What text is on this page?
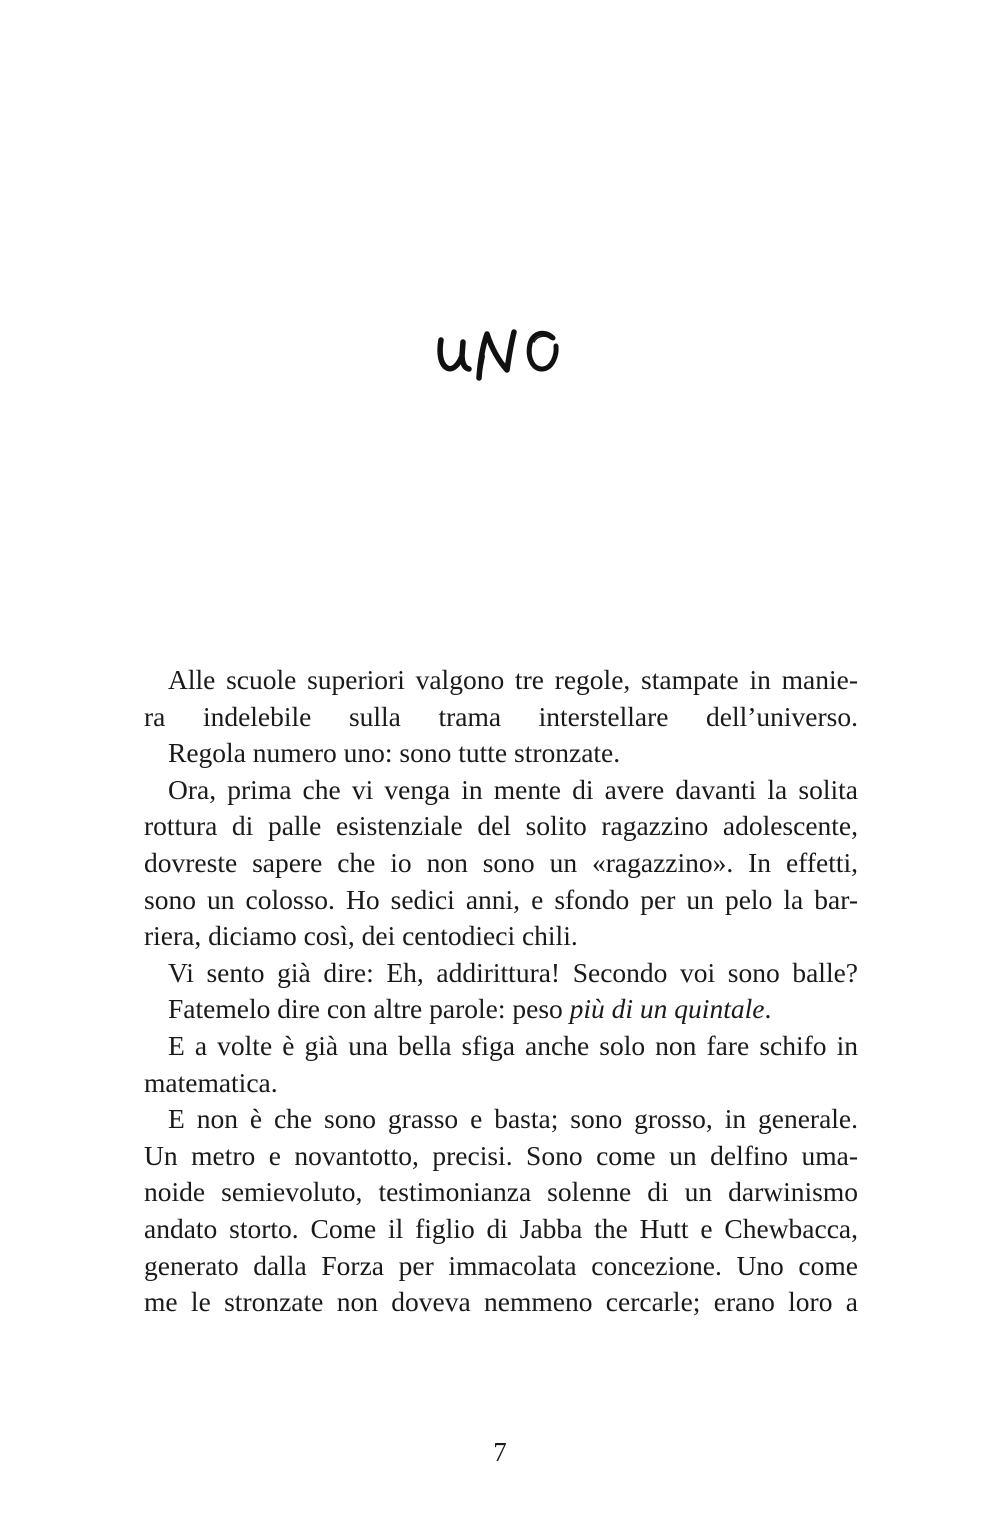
Alle scuole superiori valgono tre regole, stampate in manie-
ra indelebile sulla trama interstellare dell’universo.
Regola numero uno: sono tutte stronzate.
Ora, prima che vi venga in mente di avere davanti la solita
rottura di palle esistenziale del solito ragazzino adolescente,
dovreste sapere che io non sono un «ragazzino». In effetti,
sono un colosso. Ho sedici anni, e sfondo per un pelo la bar-
riera, diciamo così, dei centodieci chili.
Vi sento già dire: Eh, addirittura! Secondo voi sono balle?
Fatemelo dire con altre parole: peso più di un quintale.
E a volte è già una bella sfiga anche solo non fare schifo in
matematica.
E non è che sono grasso e basta; sono grosso, in generale.
Un metro e novantotto, precisi. Sono come un delfino uma-
noide semievoluto, testimonianza solenne di un darwinismo
andato storto. Come il figlio di Jabba the Hutt e Chewbacca,
generato dalla Forza per immacolata concezione. Uno come
me le stronzate non doveva nemmeno cercarle; erano loro a
7
